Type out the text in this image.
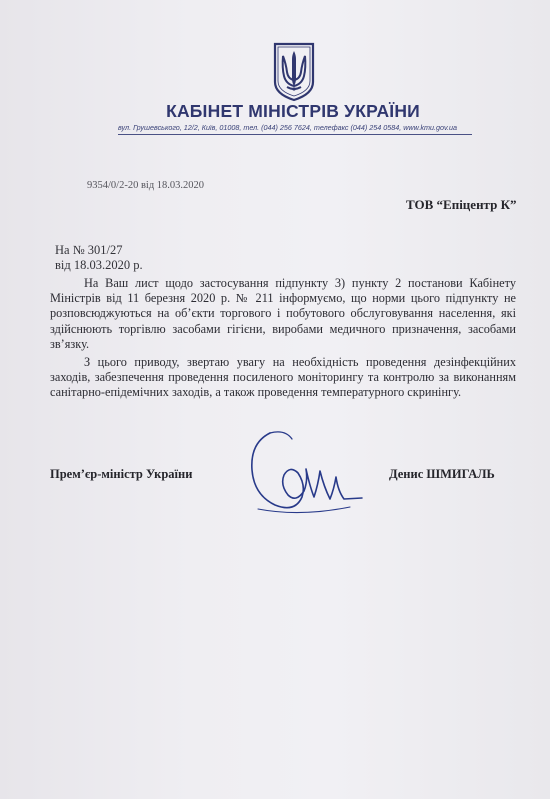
КАБІНЕТ МІНІСТРІВ УКРАЇНИ
вул. Грушевського, 12/2, Київ, 01008, тел. (044) 256 7624, телефакс (044) 254 0584, www.kmu.gov.ua
9354/0/2-20 від 18.03.2020
ТОВ “Епіцентр К”
На № 301/27
від 18.03.2020 р.

На Ваш лист щодо застосування підпункту 3) пункту 2 постанови Кабінету Міністрів від 11 березня 2020 р. № 211 інформуємо, що норми цього підпункту не розповсюджуються на об’єкти торгового і побутового обслуговування населення, які здійснюють торгівлю засобами гігієни, виробами медичного призначення, засобами зв’язку.

З цього приводу, звертаю увагу на необхідність проведення дезінфекційних заходів, забезпечення проведення посиленого моніторингу та контролю за виконанням санітарно-епідемічних заходів, а також проведення температурного скринінгу.

Прем’єр-міністр України	Денис ШМИГАЛЬ
